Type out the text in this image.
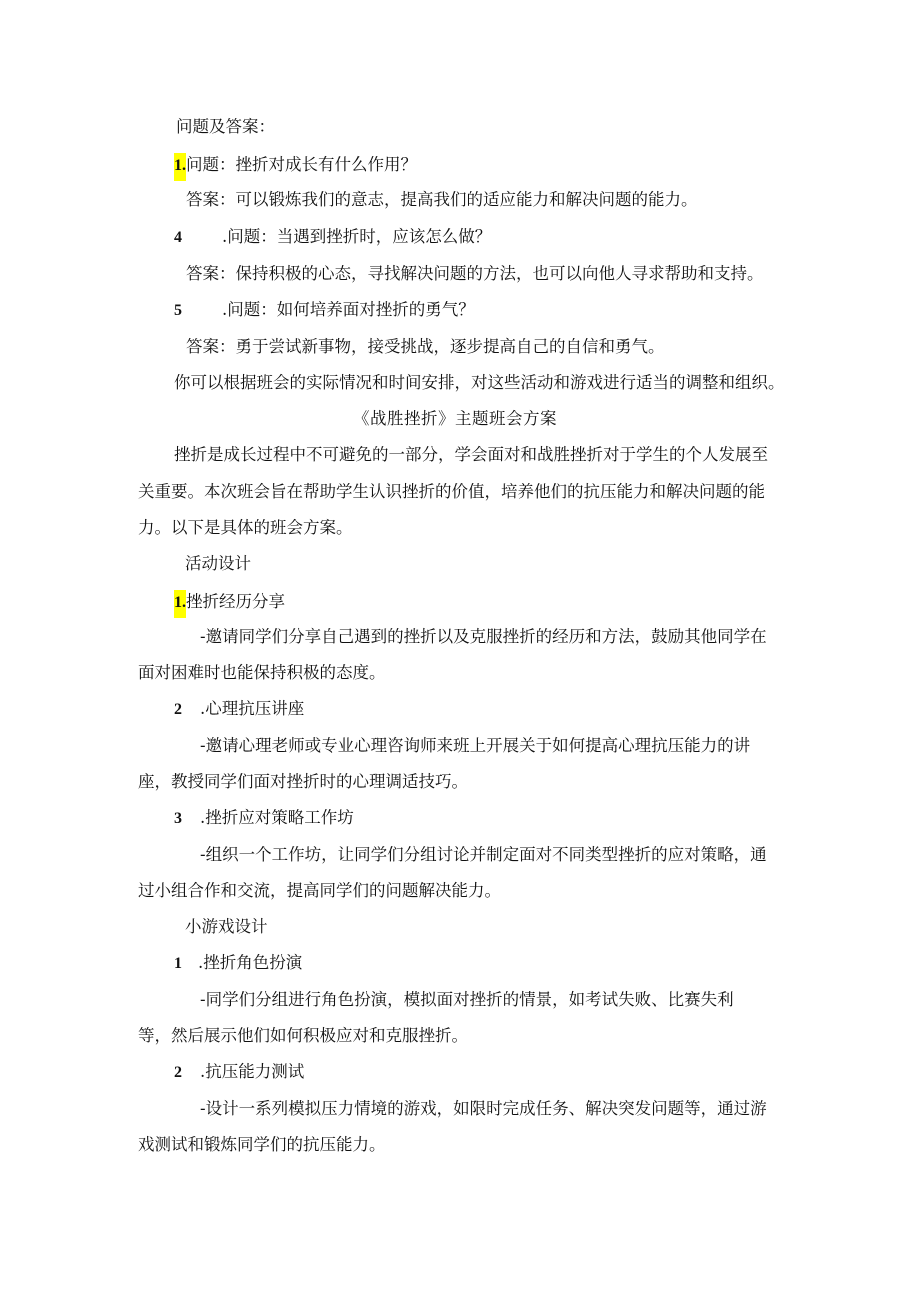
问题及答案：

1.问题：挫折对成长有什么作用？

答案：可以锻炼我们的意志，提高我们的适应能力和解决问题的能力。

4 .问题：当遇到挫折时，应该怎么做？

答案：保持积极的心态，寻找解决问题的方法，也可以向他人寻求帮助和支持。

5 .问题：如何培养面对挫折的勇气？

答案：勇于尝试新事物，接受挑战，逐步提高自己的自信和勇气。

你可以根据班会的实际情况和时间安排，对这些活动和游戏进行适当的调整和组织。

《战胜挫折》主题班会方案

挫折是成长过程中不可避免的一部分，学会面对和战胜挫折对于学生的个人发展至

关重要。本次班会旨在帮助学生认识挫折的价值，培养他们的抗压能力和解决问题的能

力。以下是具体的班会方案。

活动设计

1.挫折经历分享

-邀请同学们分享自己遇到的挫折以及克服挫折的经历和方法，鼓励其他同学在

面对困难时也能保持积极的态度。

2 .心理抗压讲座

-邀请心理老师或专业心理咨询师来班上开展关于如何提高心理抗压能力的讲

座，教授同学们面对挫折时的心理调适技巧。

3 .挫折应对策略工作坊

-组织一个工作坊，让同学们分组讨论并制定面对不同类型挫折的应对策略，通

过小组合作和交流，提高同学们的问题解决能力。

小游戏设计

1 .挫折角色扮演

-同学们分组进行角色扮演，模拟面对挫折的情景，如考试失败、比赛失利

等，然后展示他们如何积极应对和克服挫折。

2 .抗压能力测试

-设计一系列模拟压力情境的游戏，如限时完成任务、解决突发问题等，通过游

戏测试和锻炼同学们的抗压能力。
